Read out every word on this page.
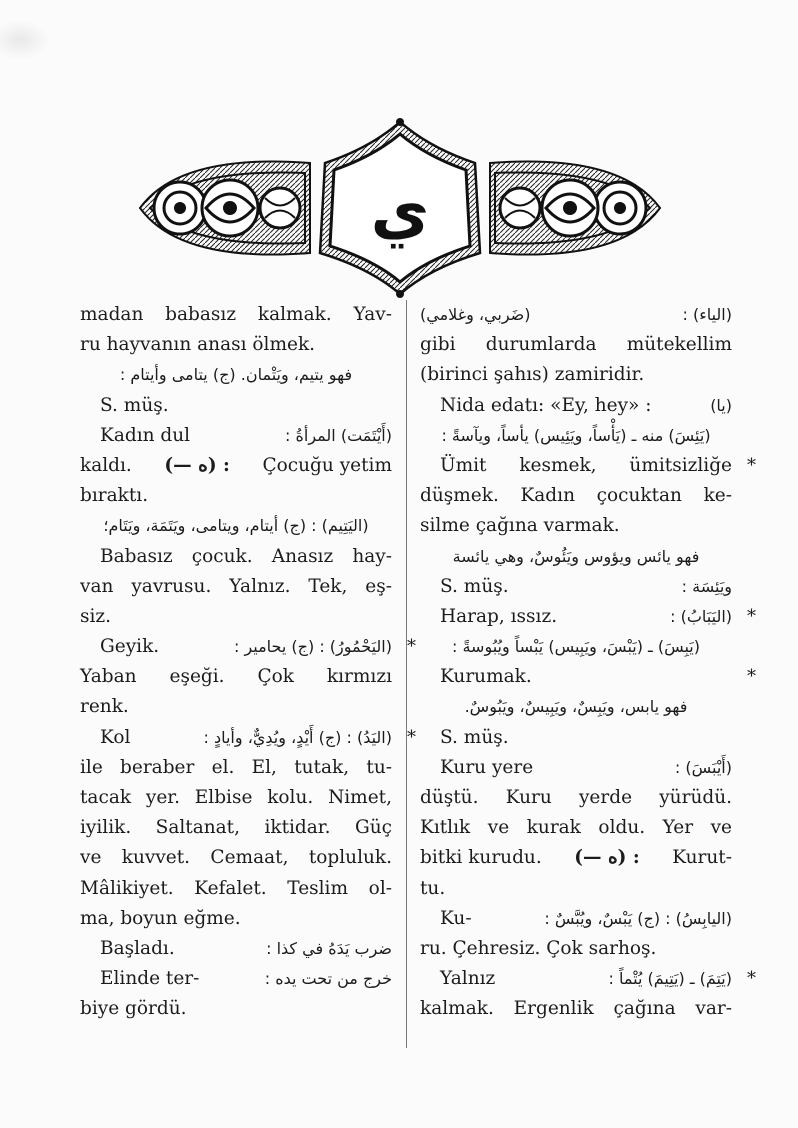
ي
madan babasız kalmak. Yav-
ru hayvanın anası ölmek.
فهو يتيم، ويَتْمان. (ج) يتامى وأيتام :
S. müş.
Kadın dul	(أَيْتَمَت) المرأةُ :
kaldı. (— ه) : Çocuğu yetim
bıraktı.
(اليَتِيم) : (ج) أيتام، ويتامى، ويَتَمَة، ويَتَام؛
Babasız çocuk. Anasız hay-
van yavrusu. Yalnız. Tek, eş-
siz.
Geyik.	(اليَحْمُورُ) : (ج) يحامير : *
Yaban eşeği. Çok kırmızı
renk.
Kol	(اليَدُ) : (ج) أَيْدٍ، ويُدِيٌّ، وأيادٍ : *
ile beraber el. El, tutak, tu-
tacak yer. Elbise kolu. Nimet,
iyilik. Saltanat, iktidar. Güç
ve kuvvet. Cemaat, topluluk.
Mâlikiyet. Kefalet. Teslim ol-
ma, boyun eğme.
Başladı.	ضرب يَدَهُ في كذا :
Elinde ter-	خرج من تحت يده :
biye gördü.
(ضَربي، وغلامي)	(الياء) :
gibi durumlarda mütekellim
(birinci şahıs) zamiridir.
Nida edatı: «Ey, hey» :	(يا)
(يَئِسَ) منه ـ (يَأْساً، ويَئِيس) يأساً، ويآسةً :
*
Ümit kesmek, ümitsizliğe
düşmek. Kadın çocuktan ke-
silme çağına varmak.
فهو يائس ويؤوس ويَئُوسٌ، وهي يائسة
S. müş.	ويَئِسَة :
Harap, ıssız.	(اليَبَابُ) : *
(يَبِسَ) ـ (يَبْسَ، ويَبِيس) يَبْساً ويُبُوسةً :
*
Kurumak.
فهو يابس، ويَبِسٌ، ويَبِيسٌ، ويَبُوسٌ.
S. müş.
Kuru yere	(أَيْبَسَ) :
düştü. Kuru yerde yürüdü.
Kıtlık ve kurak oldu. Yer ve
bitki kurudu. (— ه) : Kurut-
tu.
Ku-	(اليابِسُ) : (ج) يَبْسٌ، ويُبَّسٌ :
ru. Çehresiz. Çok sarhoş.
Yalnız	(يَتِمَ) ـ (يَتِيمَ) يُتْماً : *
kalmak. Ergenlik çağına var-
